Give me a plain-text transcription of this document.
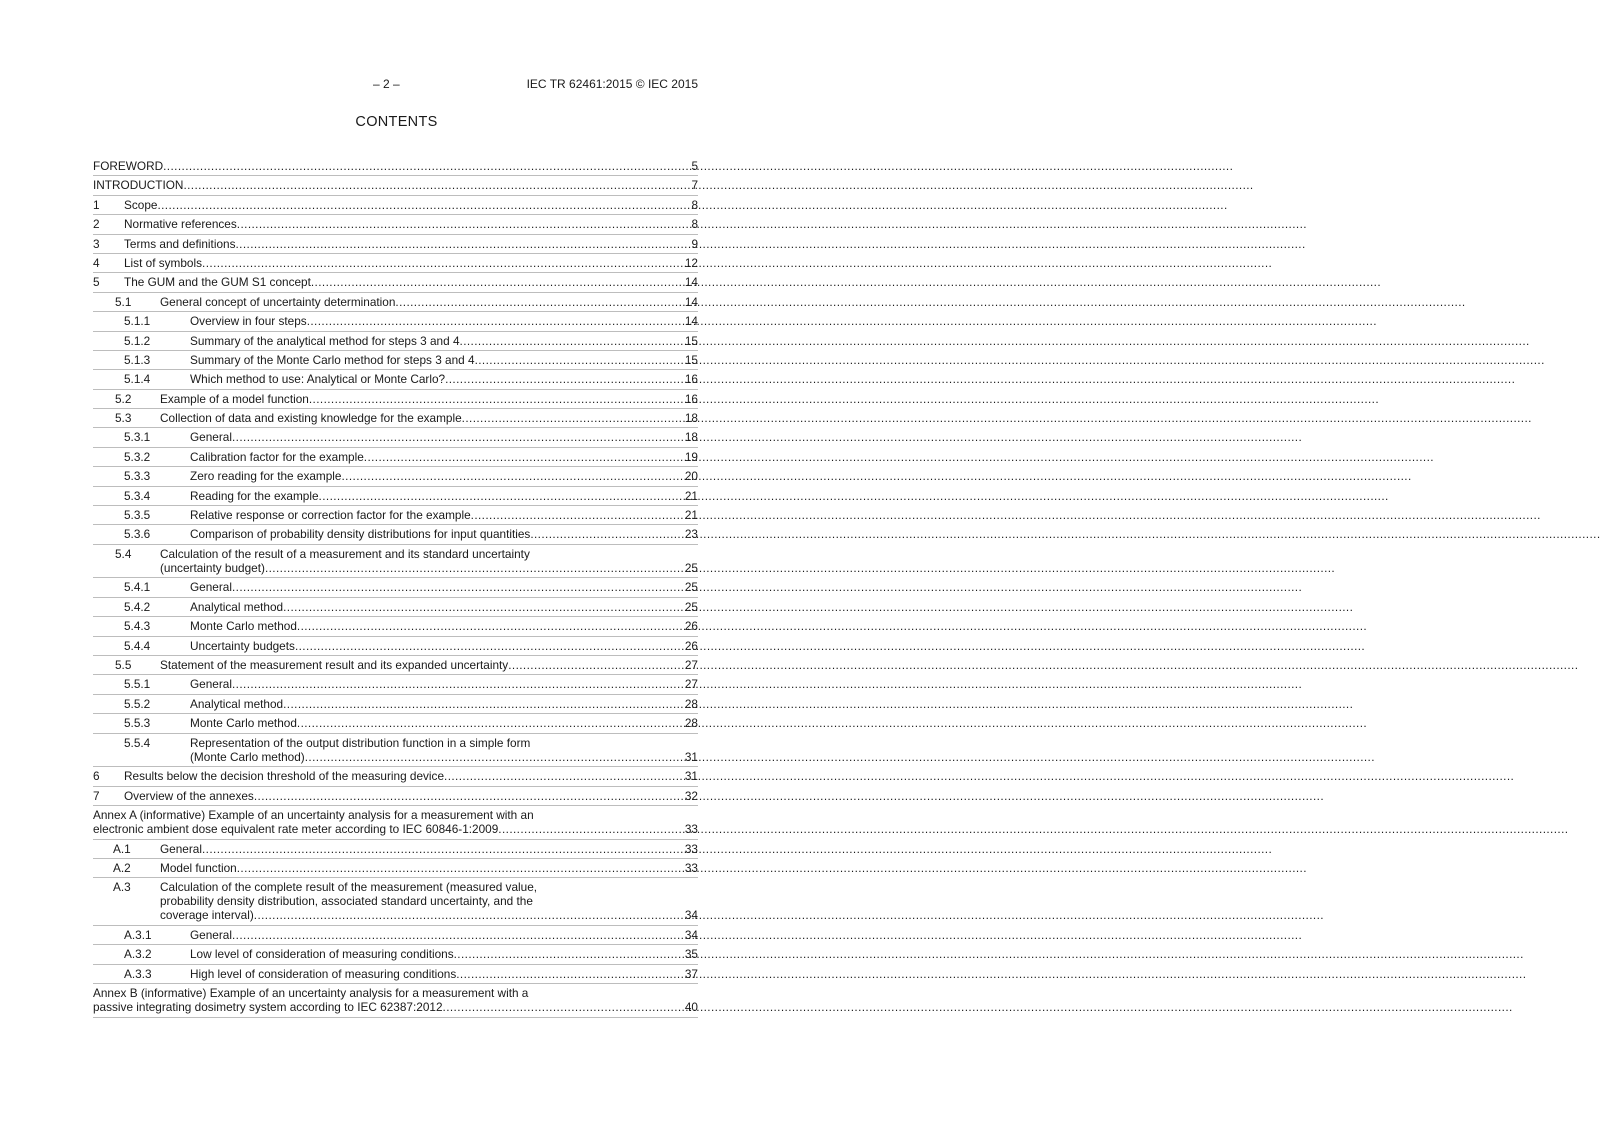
– 2 –	IEC TR 62461:2015 © IEC 2015
CONTENTS
FOREWORD .....	5
INTRODUCTION .....	7
1	Scope .....	8
2	Normative references .....	8
3	Terms and definitions .....	9
4	List of symbols .....	12
5	The GUM and the GUM S1 concept .....	14
5.1	General concept of uncertainty determination .....	14
5.1.1	Overview in four steps .....	14
5.1.2	Summary of the analytical method for steps 3 and 4 .....	15
5.1.3	Summary of the Monte Carlo method for steps 3 and 4 .....	15
5.1.4	Which method to use: Analytical or Monte Carlo? .....	16
5.2	Example of a model function .....	16
5.3	Collection of data and existing knowledge for the example .....	18
5.3.1	General .....	18
5.3.2	Calibration factor for the example .....	19
5.3.3	Zero reading for the example .....	20
5.3.4	Reading for the example .....	21
5.3.5	Relative response or correction factor for the example .....	21
5.3.6	Comparison of probability density distributions for input quantities .....	23
5.4	Calculation of the result of a measurement and its standard uncertainty
(uncertainty budget) .....	25
5.4.1	General .....	25
5.4.2	Analytical method .....	25
5.4.3	Monte Carlo method .....	26
5.4.4	Uncertainty budgets .....	26
5.5	Statement of the measurement result and its expanded uncertainty .....	27
5.5.1	General .....	27
5.5.2	Analytical method .....	28
5.5.3	Monte Carlo method .....	28
5.5.4	Representation of the output distribution function in a simple form
(Monte Carlo method) .....	31
6	Results below the decision threshold of the measuring device .....	31
7	Overview of the annexes .....	32
Annex A (informative) Example of an uncertainty analysis for a measurement with an
electronic ambient dose equivalent rate meter according to IEC 60846-1:2009 .....	33
A.1	General .....	33
A.2	Model function .....	33
A.3	Calculation of the complete result of the measurement (measured value,
probability density distribution, associated standard uncertainty, and the
coverage interval) .....	34
A.3.1	General .....	34
A.3.2	Low level of consideration of measuring conditions .....	35
A.3.3	High level of consideration of measuring conditions .....	37
Annex B (informative) Example of an uncertainty analysis for a measurement with a
passive integrating dosimetry system according to IEC 62387:2012 .....	40
